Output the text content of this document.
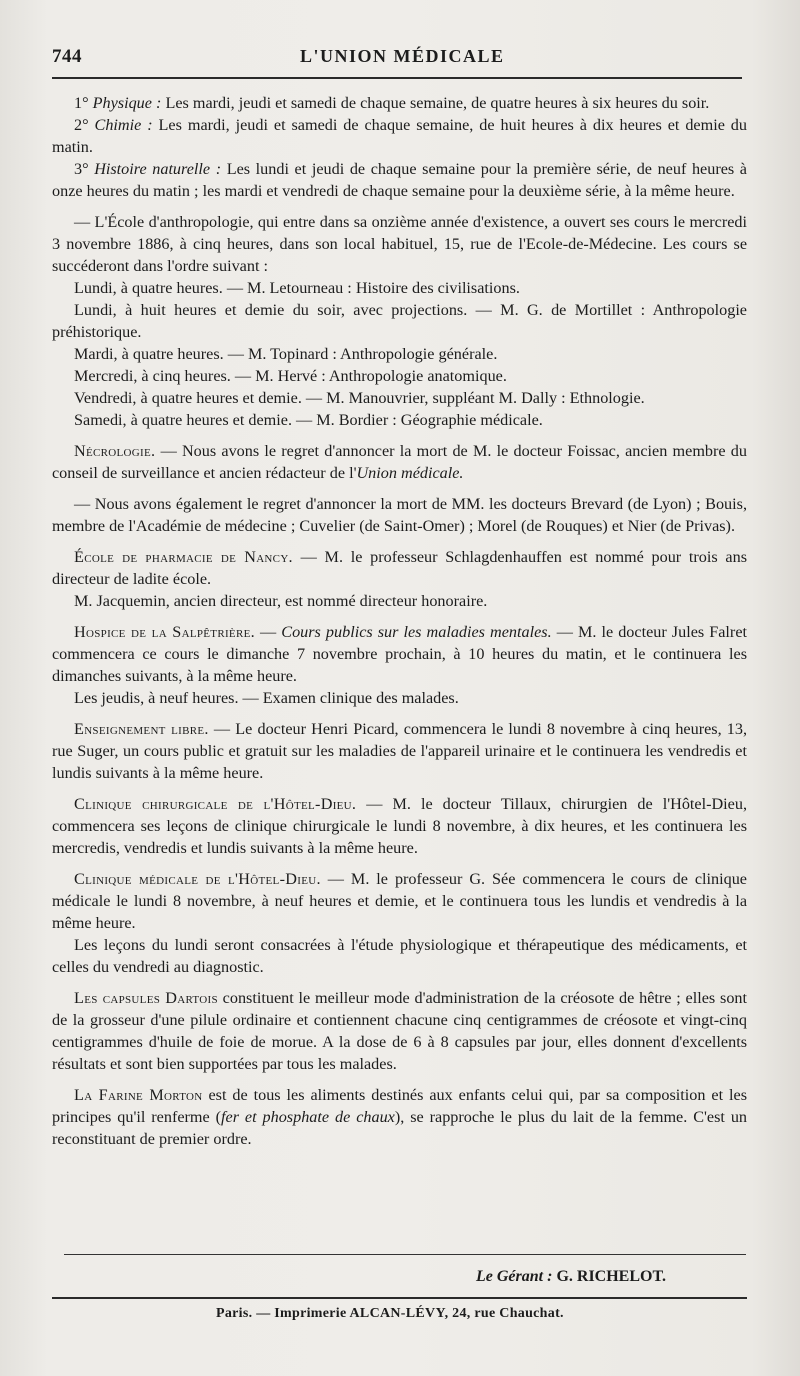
744	L'UNION MÉDICALE

1° Physique : Les mardi, jeudi et samedi de chaque semaine, de quatre heures à six heures du soir.

2° Chimie : Les mardi, jeudi et samedi de chaque semaine, de huit heures à dix heures et demie du matin.

3° Histoire naturelle : Les lundi et jeudi de chaque semaine pour la première série, de neuf heures à onze heures du matin ; les mardi et vendredi de chaque semaine pour la deuxième série, à la même heure.

— L'École d'anthropologie, qui entre dans sa onzième année d'existence, a ouvert ses cours le mercredi 3 novembre 1886, à cinq heures, dans son local habituel, 15, rue de l'Ecole-de-Médecine. Les cours se succéderont dans l'ordre suivant :

Lundi, à quatre heures. — M. Letourneau : Histoire des civilisations.

Lundi, à huit heures et demie du soir, avec projections. — M. G. de Mortillet : Anthropologie préhistorique.

Mardi, à quatre heures. — M. Topinard : Anthropologie générale.

Mercredi, à cinq heures. — M. Hervé : Anthropologie anatomique.

Vendredi, à quatre heures et demie. — M. Manouvrier, suppléant M. Dally : Ethnologie.

Samedi, à quatre heures et demie. — M. Bordier : Géographie médicale.

Nécrologie. — Nous avons le regret d'annoncer la mort de M. le docteur Foissac, ancien membre du conseil de surveillance et ancien rédacteur de l'Union médicale.

— Nous avons également le regret d'annoncer la mort de MM. les docteurs Brevard (de Lyon) ; Bouis, membre de l'Académie de médecine ; Cuvelier (de Saint-Omer) ; Morel (de Rouques) et Nier (de Privas).

École de pharmacie de Nancy. — M. le professeur Schlagdenhauffen est nommé pour trois ans directeur de ladite école.

M. Jacquemin, ancien directeur, est nommé directeur honoraire.

Hospice de la Salpêtrière. — Cours publics sur les maladies mentales. — M. le docteur Jules Falret commencera ce cours le dimanche 7 novembre prochain, à 10 heures du matin, et le continuera les dimanches suivants, à la même heure.

Les jeudis, à neuf heures. — Examen clinique des malades.

Enseignement libre. — Le docteur Henri Picard, commencera le lundi 8 novembre à cinq heures, 13, rue Suger, un cours public et gratuit sur les maladies de l'appareil urinaire et le continuera les vendredis et lundis suivants à la même heure.

Clinique chirurgicale de l'Hôtel-Dieu. — M. le docteur Tillaux, chirurgien de l'Hôtel-Dieu, commencera ses leçons de clinique chirurgicale le lundi 8 novembre, à dix heures, et les continuera les mercredis, vendredis et lundis suivants à la même heure.

Clinique médicale de l'Hôtel-Dieu. — M. le professeur G. Sée commencera le cours de clinique médicale le lundi 8 novembre, à neuf heures et demie, et le continuera tous les lundis et vendredis à la même heure.

Les leçons du lundi seront consacrées à l'étude physiologique et thérapeutique des médicaments, et celles du vendredi au diagnostic.

Les capsules Dartois constituent le meilleur mode d'administration de la créosote de hêtre ; elles sont de la grosseur d'une pilule ordinaire et contiennent chacune cinq centigrammes de créosote et vingt-cinq centigrammes d'huile de foie de morue. A la dose de 6 à 8 capsules par jour, elles donnent d'excellents résultats et sont bien supportées par tous les malades.

La Farine Morton est de tous les aliments destinés aux enfants celui qui, par sa composition et les principes qu'il renferme (fer et phosphate de chaux), se rapproche le plus du lait de la femme. C'est un reconstituant de premier ordre.

Le Gérant : G. RICHELOT.
Paris. — Imprimerie ALCAN-LÉVY, 24, rue Chauchat.
